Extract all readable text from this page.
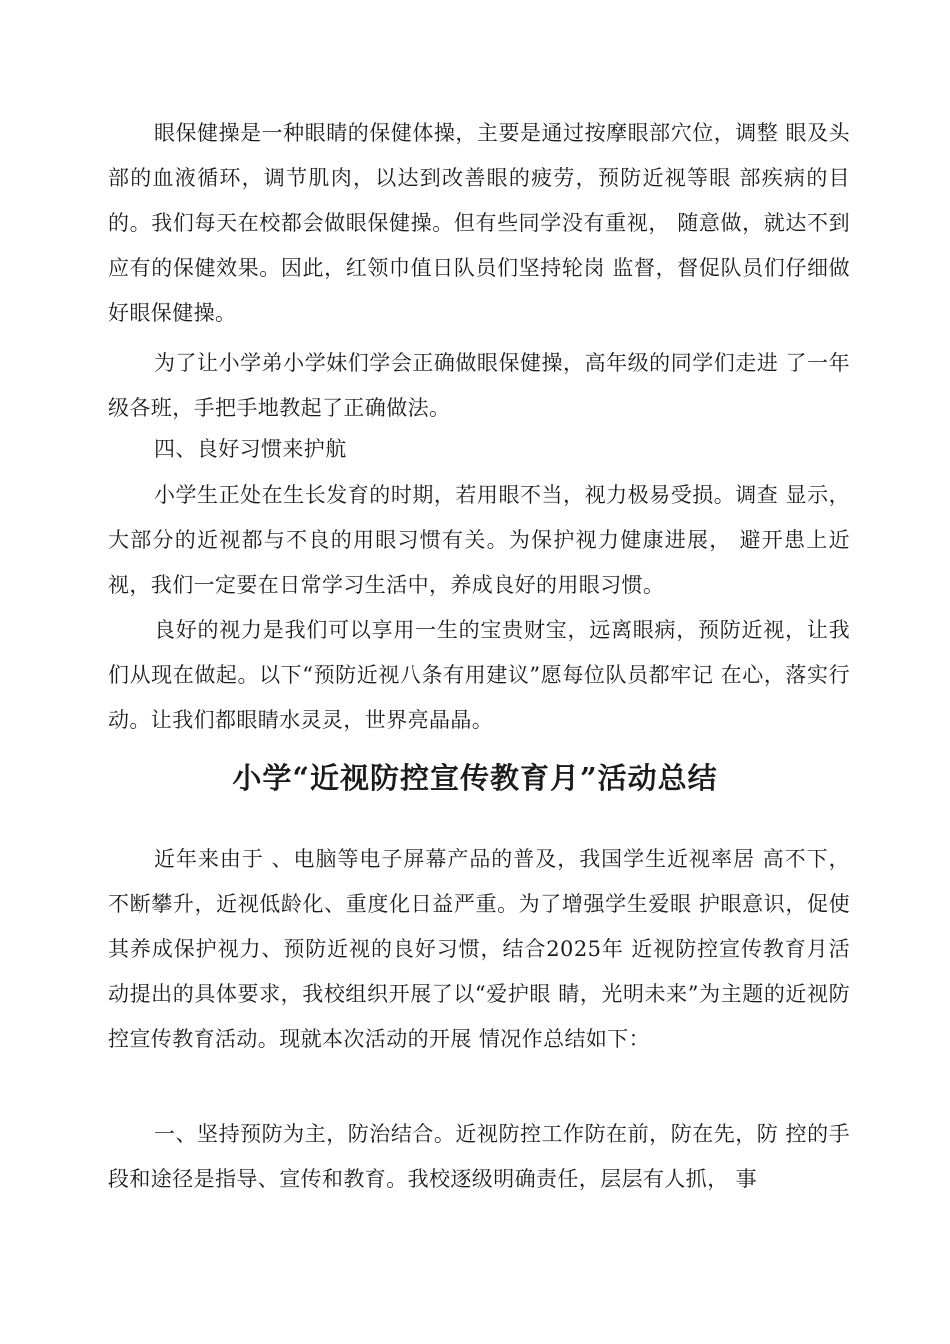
眼保健操是一种眼睛的保健体操，主要是通过按摩眼部穴位，调整 眼及头部的血液循环，调节肌肉，以达到改善眼的疲劳，预防近视等眼 部疾病的目的。我们每天在校都会做眼保健操。但有些同学没有重视， 随意做，就达不到应有的保健效果。因此，红领巾值日队员们坚持轮岗 监督，督促队员们仔细做好眼保健操。

为了让小学弟小学妹们学会正确做眼保健操，高年级的同学们走进 了一年级各班，手把手地教起了正确做法。

四、良好习惯来护航

小学生正处在生长发育的时期，若用眼不当，视力极易受损。调查 显示，大部分的近视都与不良的用眼习惯有关。为保护视力健康进展， 避开患上近视，我们一定要在日常学习生活中，养成良好的用眼习惯。

良好的视力是我们可以享用一生的宝贵财宝，远离眼病，预防近视，让我们从现在做起。以下“预防近视八条有用建议”愿每位队员都牢记 在心，落实行动。让我们都眼睛水灵灵，世界亮晶晶。

小学“近视防控宣传教育月”活动总结

近年来由于 、电脑等电子屏幕产品的普及，我国学生近视率居 高不下，不断攀升，近视低龄化、重度化日益严重。为了增强学生爱眼 护眼意识，促使其养成保护视力、预防近视的良好习惯，结合2025年 近视防控宣传教育月活动提出的具体要求，我校组织开展了以“爱护眼 睛，光明未来”为主题的近视防控宣传教育活动。现就本次活动的开展 情况作总结如下：

一、坚持预防为主，防治结合。近视防控工作防在前，防在先，防 控的手段和途径是指导、宣传和教育。我校逐级明确责任，层层有人抓， 事
